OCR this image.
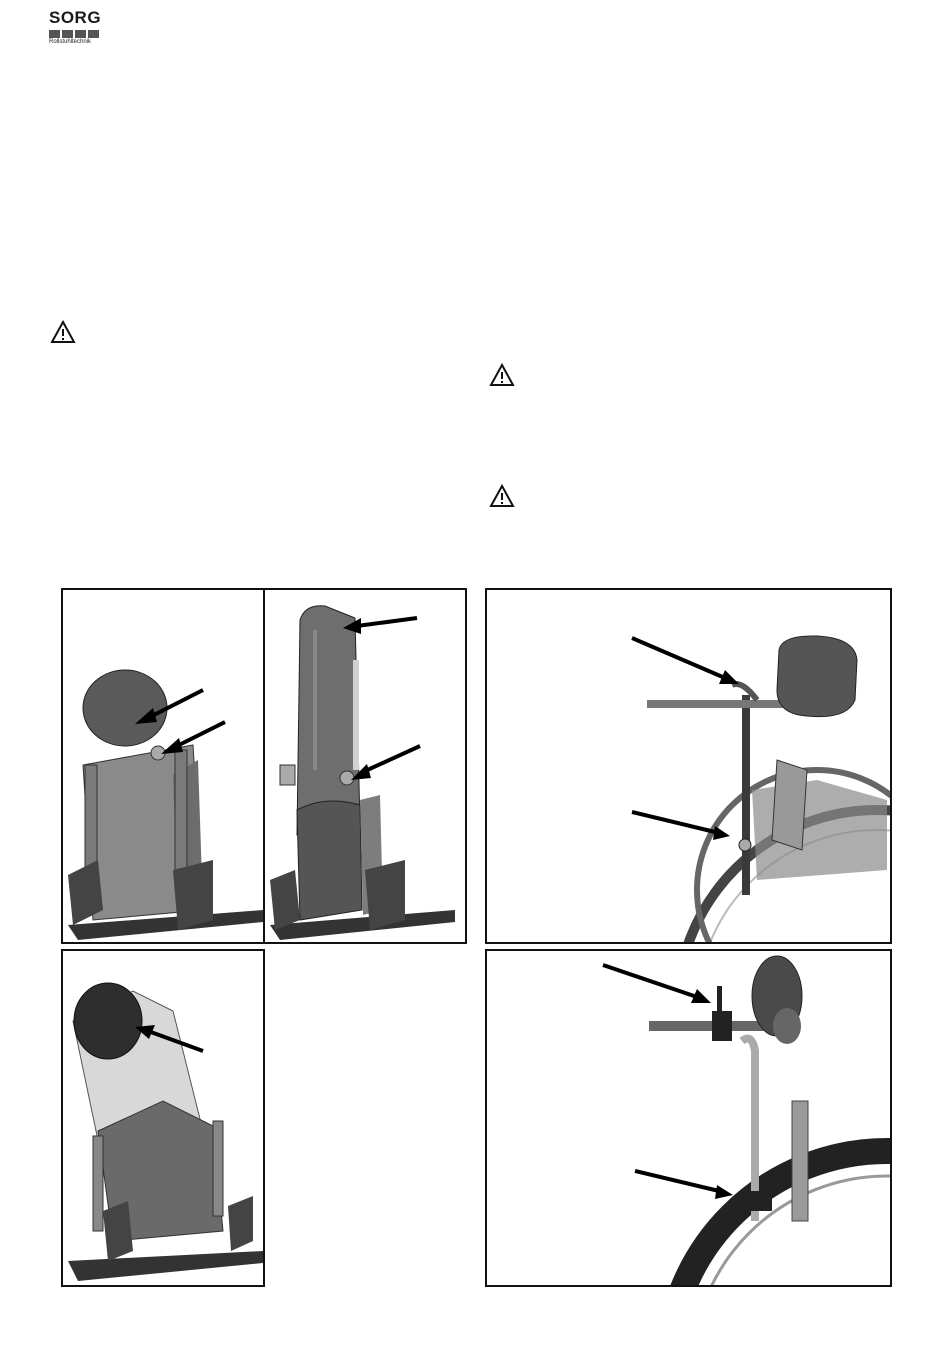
SORG
Rollstuhltechnik
